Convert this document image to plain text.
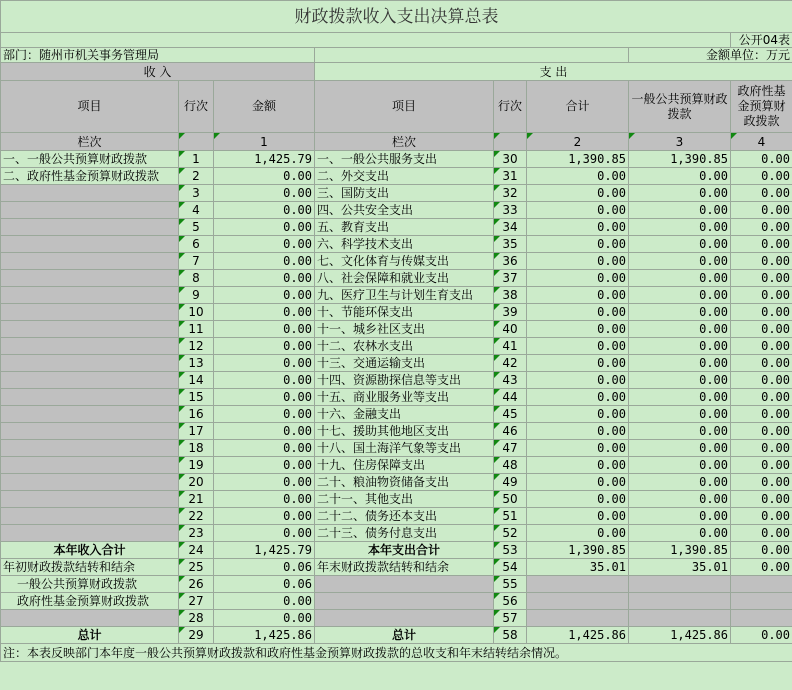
财政拨款收入支出决算总表							
							公开04表
部门：随州市机关事务管理局						金额单位：万元	
收 入			支 出				
项目	行次	金额	项目	行次	合计	一般公共预算财政拨款	政府性基金预算财政拨款
栏次		1	栏次		2	3	4
一、一般公共预算财政拨款	1	1,425.79	一、一般公共服务支出	30	1,390.85	1,390.85	0.00
二、政府性基金预算财政拨款	2	0.00	二、外交支出	31	0.00	0.00	0.00
	3	0.00	三、国防支出	32	0.00	0.00	0.00
	4	0.00	四、公共安全支出	33	0.00	0.00	0.00
	5	0.00	五、教育支出	34	0.00	0.00	0.00
	6	0.00	六、科学技术支出	35	0.00	0.00	0.00
	7	0.00	七、文化体育与传媒支出	36	0.00	0.00	0.00
	8	0.00	八、社会保障和就业支出	37	0.00	0.00	0.00
	9	0.00	九、医疗卫生与计划生育支出	38	0.00	0.00	0.00
	10	0.00	十、节能环保支出	39	0.00	0.00	0.00
	11	0.00	十一、城乡社区支出	40	0.00	0.00	0.00
	12	0.00	十二、农林水支出	41	0.00	0.00	0.00
	13	0.00	十三、交通运输支出	42	0.00	0.00	0.00
	14	0.00	十四、资源勘探信息等支出	43	0.00	0.00	0.00
	15	0.00	十五、商业服务业等支出	44	0.00	0.00	0.00
	16	0.00	十六、金融支出	45	0.00	0.00	0.00
	17	0.00	十七、援助其他地区支出	46	0.00	0.00	0.00
	18	0.00	十八、国土海洋气象等支出	47	0.00	0.00	0.00
	19	0.00	十九、住房保障支出	48	0.00	0.00	0.00
	20	0.00	二十、粮油物资储备支出	49	0.00	0.00	0.00
	21	0.00	二十一、其他支出	50	0.00	0.00	0.00
	22	0.00	二十二、债务还本支出	51	0.00	0.00	0.00
	23	0.00	二十三、债务付息支出	52	0.00	0.00	0.00
本年收入合计	24	1,425.79	本年支出合计	53	1,390.85	1,390.85	0.00
年初财政拨款结转和结余	25	0.06	年末财政拨款结转和结余	54	35.01	35.01	0.00
一般公共预算财政拨款	26	0.06		55			
政府性基金预算财政拨款	27	0.00		56			
	28	0.00		57			
总计	29	1,425.86	总计	58	1,425.86	1,425.86	0.00
注：本表反映部门本年度一般公共预算财政拨款和政府性基金预算财政拨款的总收支和年末结转结余情况。							
